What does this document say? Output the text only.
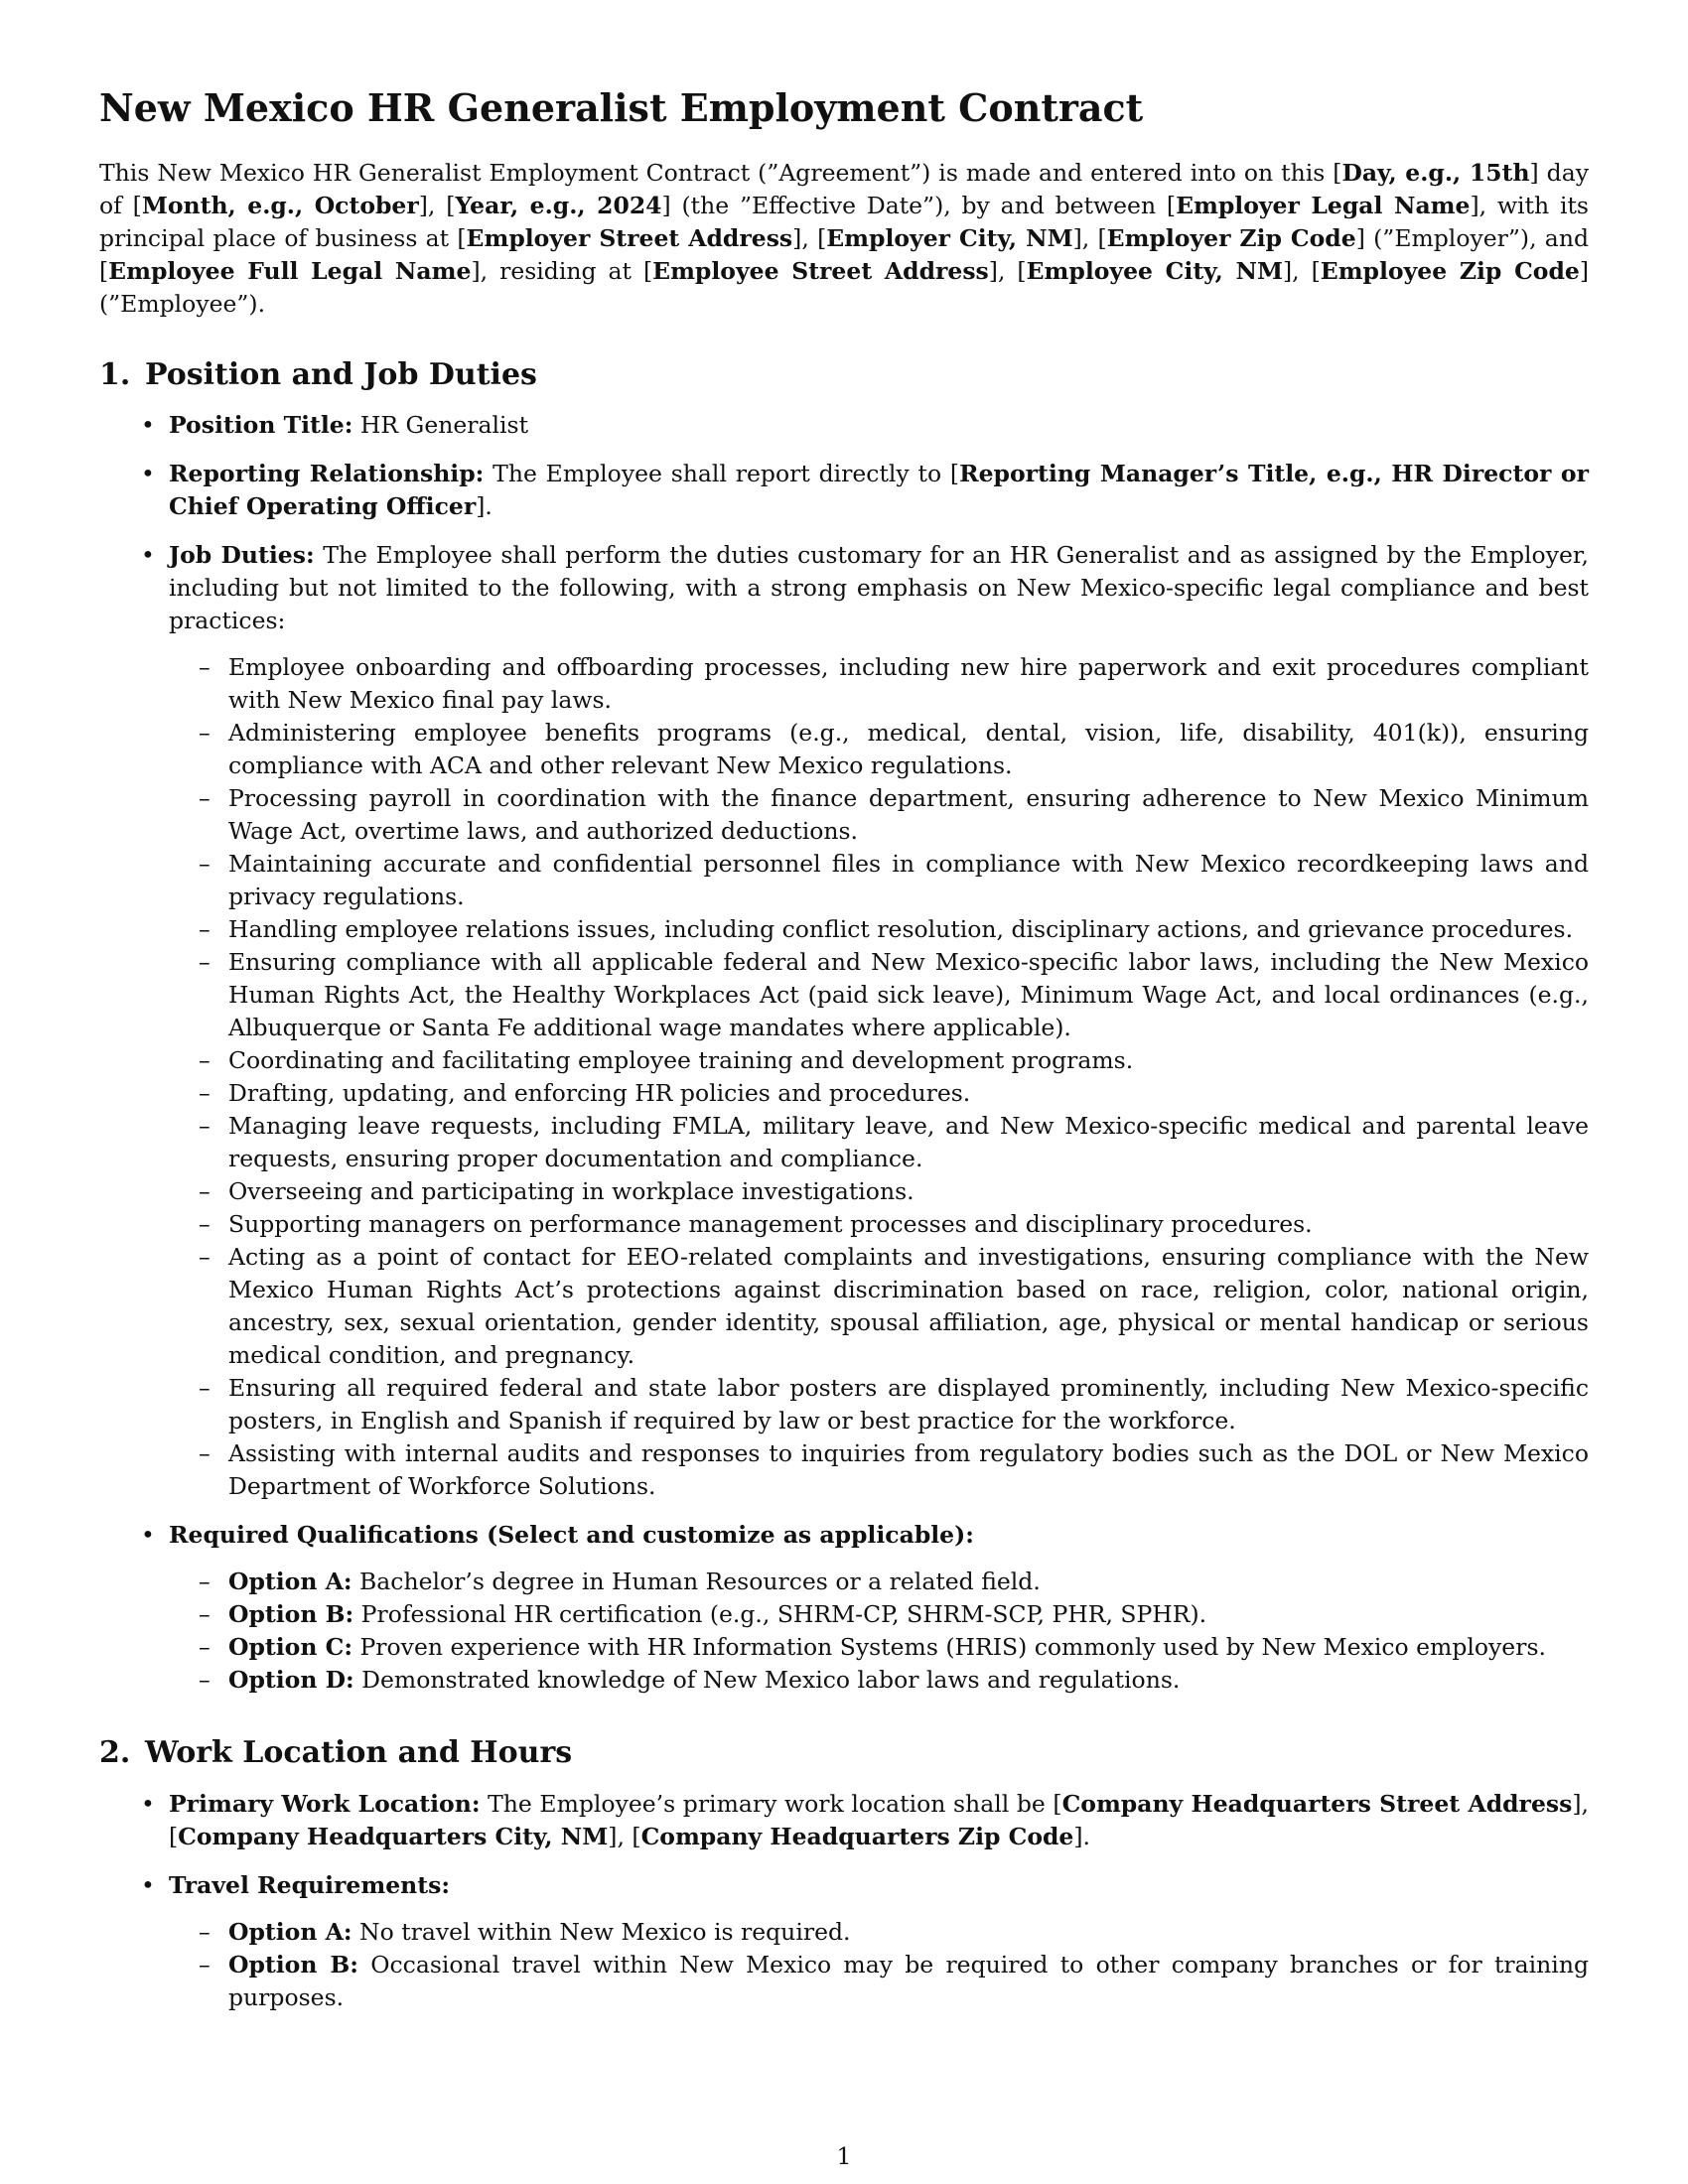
New Mexico HR Generalist Employment Contract

This New Mexico HR Generalist Employment Contract (”Agreement”) is made and entered into on this [Day, e.g., 15th] day of [Month, e.g., October], [Year, e.g., 2024] (the ”Effective Date”), by and between [Employer Legal Name], with its principal place of business at [Employer Street Address], [Employer City, NM], [Employer Zip Code] (”Employer”), and [Employee Full Legal Name], residing at [Employee Street Address], [Employee City, NM], [Employee Zip Code] (”Employee”).

1. Position and Job Duties
• Position Title: HR Generalist
• Reporting Relationship: The Employee shall report directly to [Reporting Manager’s Title, e.g., HR Director or Chief Operating Officer].
• Job Duties: The Employee shall perform the duties customary for an HR Generalist and as assigned by the Employer, including but not limited to the following, with a strong emphasis on New Mexico-specific legal compliance and best practices:
– Employee onboarding and offboarding processes, including new hire paperwork and exit procedures compliant with New Mexico final pay laws.
– Administering employee benefits programs (e.g., medical, dental, vision, life, disability, 401(k)), ensuring compliance with ACA and other relevant New Mexico regulations.
– Processing payroll in coordination with the finance department, ensuring adherence to New Mexico Minimum Wage Act, overtime laws, and authorized deductions.
– Maintaining accurate and confidential personnel files in compliance with New Mexico recordkeeping laws and privacy regulations.
– Handling employee relations issues, including conflict resolution, disciplinary actions, and grievance procedures.
– Ensuring compliance with all applicable federal and New Mexico-specific labor laws, including the New Mexico Human Rights Act, the Healthy Workplaces Act (paid sick leave), Minimum Wage Act, and local ordinances (e.g., Albuquerque or Santa Fe additional wage mandates where applicable).
– Coordinating and facilitating employee training and development programs.
– Drafting, updating, and enforcing HR policies and procedures.
– Managing leave requests, including FMLA, military leave, and New Mexico-specific medical and parental leave requests, ensuring proper documentation and compliance.
– Overseeing and participating in workplace investigations.
– Supporting managers on performance management processes and disciplinary procedures.
– Acting as a point of contact for EEO-related complaints and investigations, ensuring compliance with the New Mexico Human Rights Act’s protections against discrimination based on race, religion, color, national origin, ancestry, sex, sexual orientation, gender identity, spousal affiliation, age, physical or mental handicap or serious medical condition, and pregnancy.
– Ensuring all required federal and state labor posters are displayed prominently, including New Mexico-specific posters, in English and Spanish if required by law or best practice for the workforce.
– Assisting with internal audits and responses to inquiries from regulatory bodies such as the DOL or New Mexico Department of Workforce Solutions.
• Required Qualifications (Select and customize as applicable):
– Option A: Bachelor’s degree in Human Resources or a related field.
– Option B: Professional HR certification (e.g., SHRM-CP, SHRM-SCP, PHR, SPHR).
– Option C: Proven experience with HR Information Systems (HRIS) commonly used by New Mexico employers.
– Option D: Demonstrated knowledge of New Mexico labor laws and regulations.
2. Work Location and Hours
• Primary Work Location: The Employee’s primary work location shall be [Company Headquarters Street Address], [Company Headquarters City, NM], [Company Headquarters Zip Code].
• Travel Requirements:
– Option A: No travel within New Mexico is required.
– Option B: Occasional travel within New Mexico may be required to other company branches or for training purposes.
1
